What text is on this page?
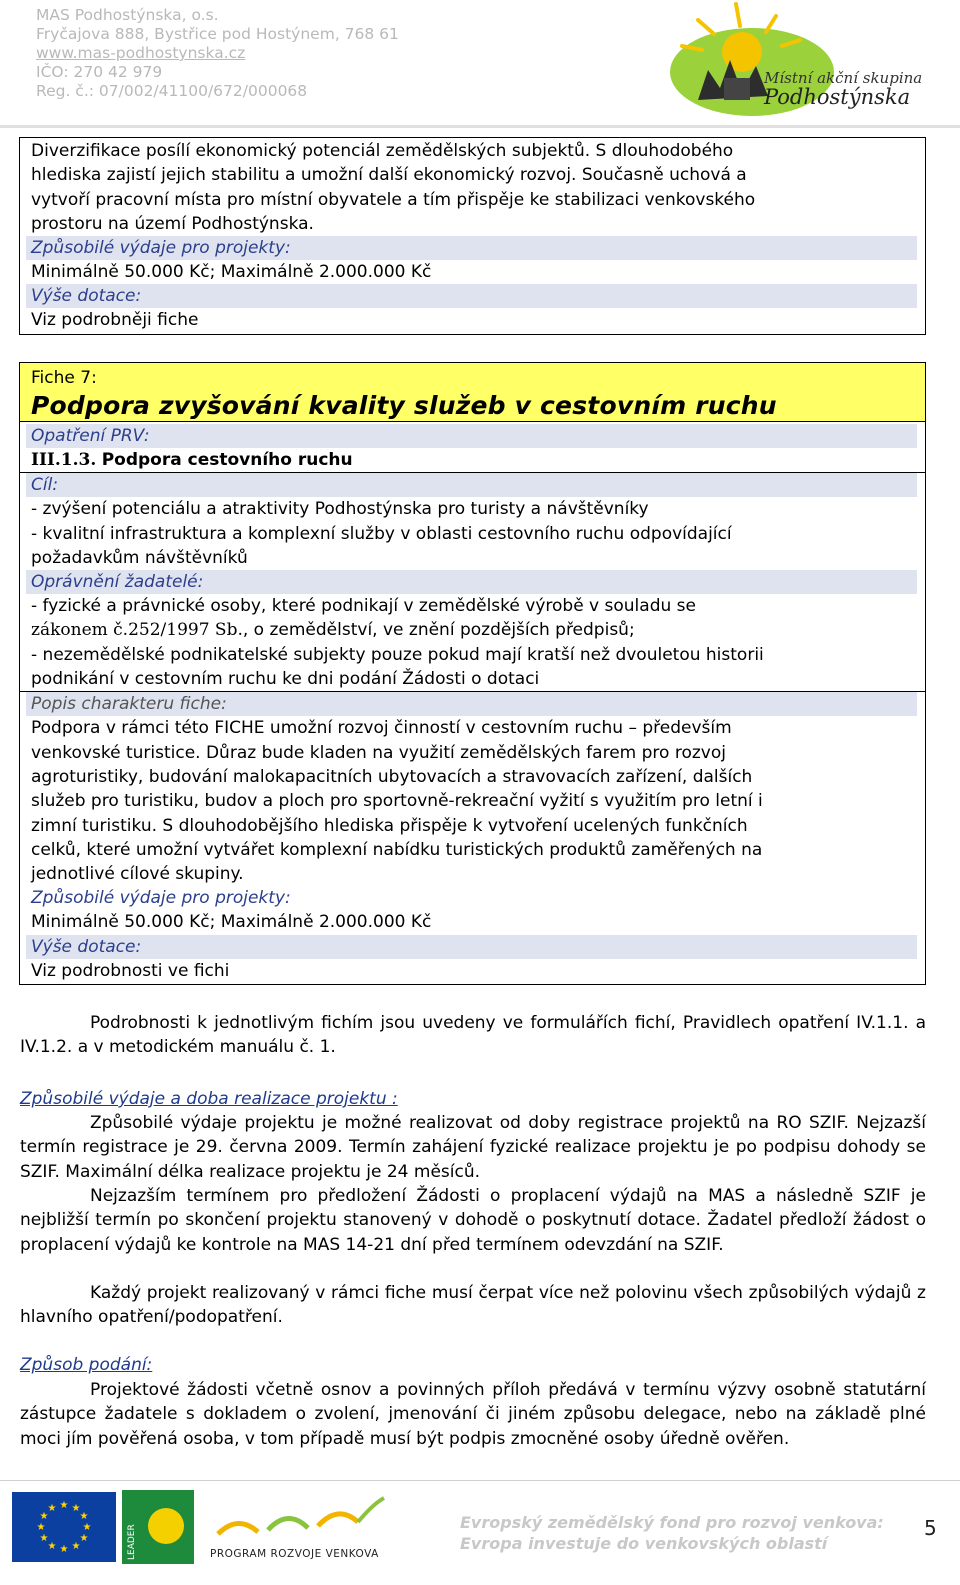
MAS Podhostýnska, o.s.
Fryčajova 888, Bystřice pod Hostýnem, 768 61
www.mas-podhostynska.cz
IČO: 270 42 979
Reg. č.: 07/002/41100/672/000068
Místní akční skupina
Podhostýnska
Diverzifikace posílí ekonomický potenciál zemědělských subjektů. S dlouhodobého
hlediska zajistí jejich stabilitu a umožní další ekonomický rozvoj. Současně uchová a
vytvoří pracovní místa pro místní obyvatele a tím přispěje ke stabilizaci venkovského
prostoru na území Podhostýnska.
Způsobilé výdaje pro projekty:
Minimálně 50.000 Kč; Maximálně 2.000.000 Kč
Výše dotace:
Viz podrobněji fiche
Fiche 7:
Podpora zvyšování kvality služeb v cestovním ruchu
Opatření PRV:
III.1.3. Podpora cestovního ruchu
Cíl:
- zvýšení potenciálu a atraktivity Podhostýnska pro turisty a návštěvníky
- kvalitní infrastruktura a komplexní služby v oblasti cestovního ruchu odpovídající
požadavkům návštěvníků
Oprávnění žadatelé:
- fyzické a právnické osoby, které podnikají v zemědělské výrobě v souladu se
zákonem č.252/1997 Sb., o zemědělství, ve znění pozdějších předpisů;
- nezemědělské podnikatelské subjekty pouze pokud mají kratší než dvouletou historii
podnikání v cestovním ruchu ke dni podání Žádosti o dotaci
Popis charakteru fiche:
Podpora v rámci této FICHE umožní rozvoj činností v cestovním ruchu – především
venkovské turistice. Důraz bude kladen na využití zemědělských farem pro rozvoj
agroturistiky, budování malokapacitních ubytovacích a stravovacích zařízení, dalších
služeb pro turistiku, budov a ploch pro sportovně-rekreační vyžití s využitím pro letní i
zimní turistiku. S dlouhodobějšího hlediska přispěje k vytvoření ucelených funkčních
celků, které umožní vytvářet komplexní nabídku turistických produktů zaměřených na
jednotlivé cílové skupiny.
Způsobilé výdaje pro projekty:
Minimálně 50.000 Kč; Maximálně 2.000.000 Kč
Výše dotace:
Viz podrobnosti ve fichi
Podrobnosti k jednotlivým fichím jsou uvedeny ve formulářích fichí, Pravidlech opatření IV.1.1. a IV.1.2. a v metodickém manuálu č. 1.
Způsobilé výdaje a doba realizace projektu :
Způsobilé výdaje projektu je možné realizovat od doby registrace projektů na RO SZIF. Nejzazší termín registrace je 29. června 2009. Termín zahájení fyzické realizace projektu je po podpisu dohody se SZIF. Maximální délka realizace projektu je 24 měsíců.
Nejzazším termínem pro předložení Žádosti o proplacení výdajů na MAS a následně SZIF je nejbližší termín po skončení projektu stanovený v dohodě o poskytnutí dotace. Žadatel předloží žádost o proplacení výdajů ke kontrole na MAS 14-21 dní před termínem odevzdání na SZIF.
Každý projekt realizovaný v rámci fiche musí čerpat více než polovinu všech způsobilých výdajů z hlavního opatření/podopatření.
Způsob podání:
Projektové žádosti včetně osnov a povinných příloh předává v termínu výzvy osobně statutární zástupce žadatele s dokladem o zvolení, jmenování či jiném způsobu delegace, nebo na základě plné moci jím pověřená osoba, v tom případě musí být podpis zmocněné osoby úředně ověřen.
★ ★
★
★
★
★
★
★
★
★
★
★
LEADER	PROGRAM ROZVOJE VENKOVA
Evropský zemědělský fond pro rozvoj venkova:
Evropa investuje do venkovských oblastí
5
